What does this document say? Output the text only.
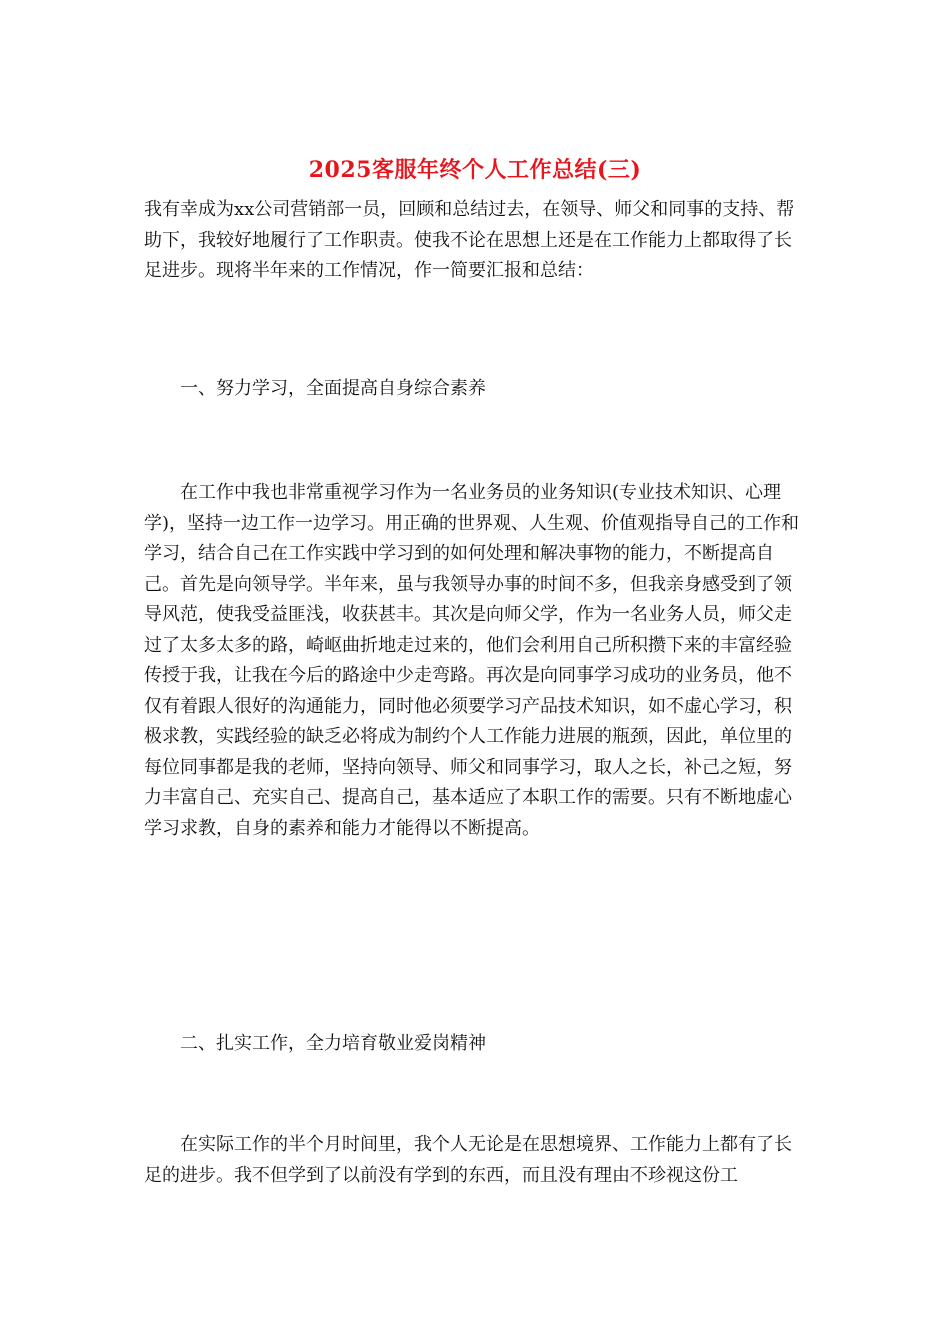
2025客服年终个人工作总结(三)

我有幸成为xx公司营销部一员，回顾和总结过去，在领导、师父和同事的支持、帮助下，我较好地履行了工作职责。使我不论在思想上还是在工作能力上都取得了长足进步。现将半年来的工作情况，作一简要汇报和总结：

一、努力学习，全面提高自身综合素养

在工作中我也非常重视学习作为一名业务员的业务知识(专业技术知识、心理学)，坚持一边工作一边学习。用正确的世界观、人生观、价值观指导自己的工作和学习，结合自己在工作实践中学习到的如何处理和解决事物的能力，不断提高自己。首先是向领导学。半年来，虽与我领导办事的时间不多，但我亲身感受到了领导风范，使我受益匪浅，收获甚丰。其次是向师父学，作为一名业务人员，师父走过了太多太多的路，崎岖曲折地走过来的，他们会利用自己所积攒下来的丰富经验传授于我，让我在今后的路途中少走弯路。再次是向同事学习成功的业务员，他不仅有着跟人很好的沟通能力，同时他必须要学习产品技术知识，如不虚心学习，积极求教，实践经验的缺乏必将成为制约个人工作能力进展的瓶颈，因此，单位里的每位同事都是我的老师，坚持向领导、师父和同事学习，取人之长，补己之短，努力丰富自己、充实自己、提高自己，基本适应了本职工作的需要。只有不断地虚心学习求教，自身的素养和能力才能得以不断提高。

二、扎实工作，全力培育敬业爱岗精神

在实际工作的半个月时间里，我个人无论是在思想境界、工作能力上都有了长足的进步。我不但学到了以前没有学到的东西，而且没有理由不珍视这份工
